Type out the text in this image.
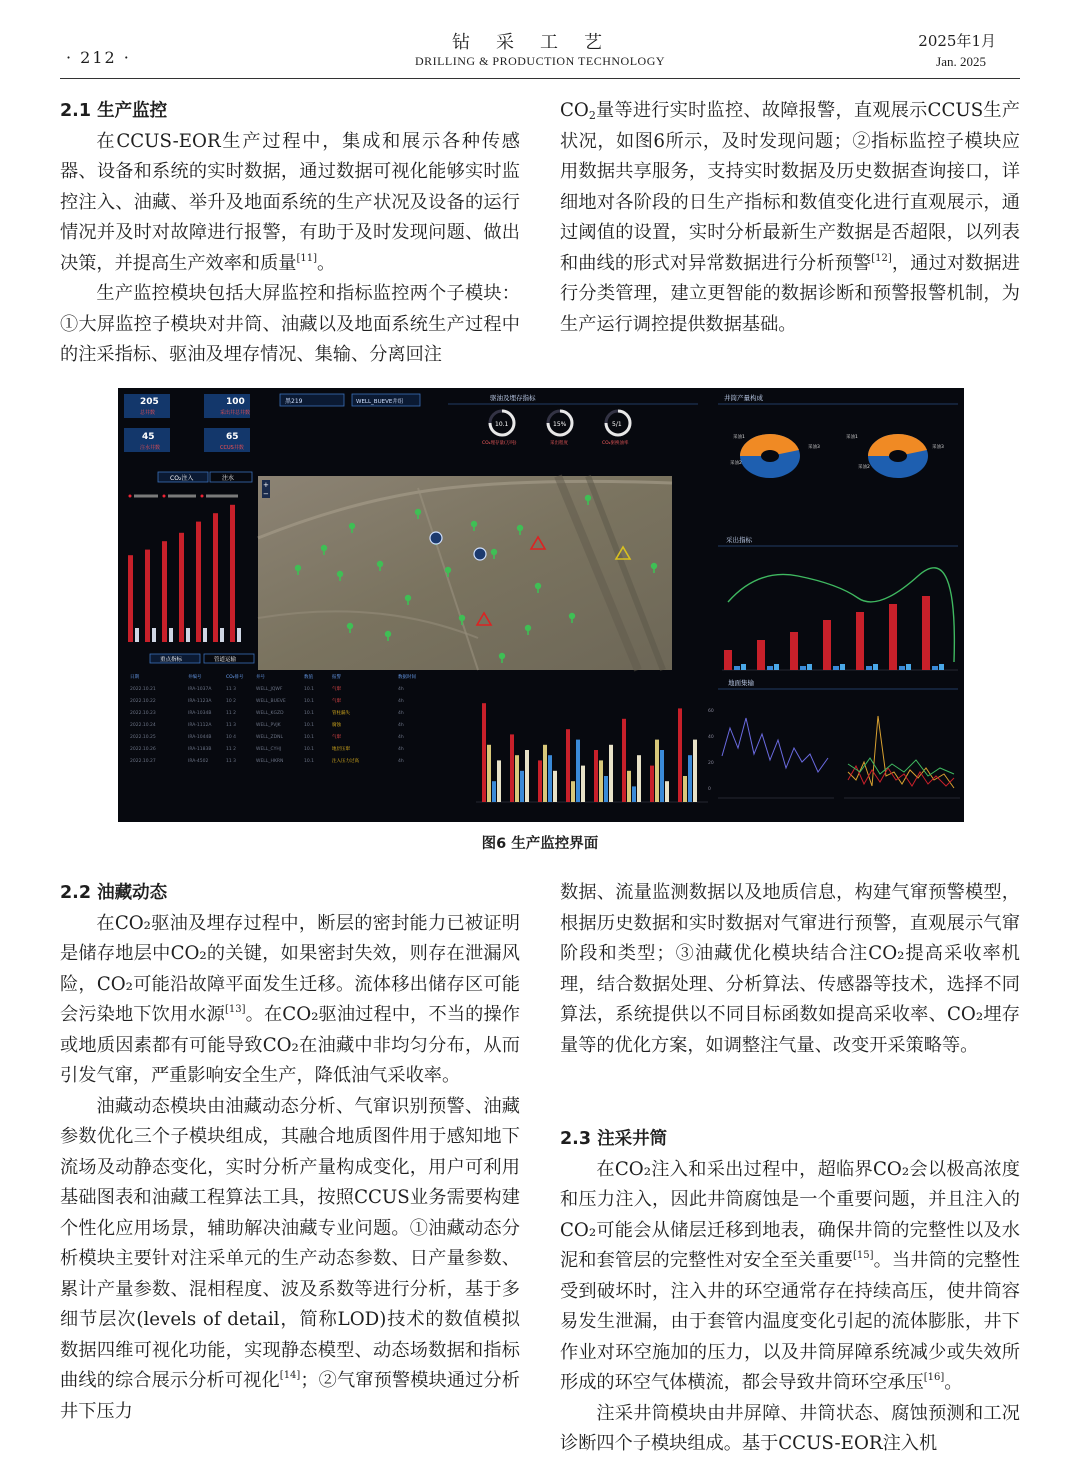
· 212 ·
钻采工艺
DRILLING & PRODUCTION TECHNOLOGY
2025年1月
Jan. 2025
2.1 生产监控

在CCUS-EOR生产过程中，集成和展示各种传感器、设备和系统的实时数据，通过数据可视化能够实时监控注入、油藏、举升及地面系统的生产状况及设备的运行情况并及时对故障进行报警，有助于及时发现问题、做出决策，并提高生产效率和质量[11]。

生产监控模块包括大屏监控和指标监控两个子模块：①大屏监控子模块对井筒、油藏以及地面系统生产过程中的注采指标、驱油及埋存情况、集输、分离回注

$CO_2$量等进行实时监控、故障报警，直观展示CCUS生产状况，如图6所示，及时发现问题；②指标监控子模块应用数据共享服务，支持实时数据及历史数据查询接口，详细地对各阶段的日生产指标和数值变化进行直观展示，通过阈值的设置，实时分析最新生产数据是否超限，以列表和曲线的形式对异常数据进行分析预警[12]，通过对数据进行分类管理，建立更智能的数据诊断和预警报警机制，为生产运行调控提供数据基础。

205
总井数
100
采出井总井数
45
注水井数
65
CCUS井数
黑219	WELL_BUEVE井组	驱油及埋存指标
10.1
CO₂埋存量(万吨)
15%
采出程度
5/1
CO₂驱换油率
CO₂注入	注水
重点指标	管道运输
+
−
日期	井编号	CO₂排号	井号	数值	报警	数据时间
2022.10.21	IRA-1037A	11 3	WELL_JQWF	10.1	气窜	4h
2022.10.22	IRA-1123A	10 2	WELL_BUEVE	10.1	气窜	4h
2022.10.23	IRA-1034B	11 2	WELL_KGZD	10.1	管柱漏失	4h
2022.10.24	IRA-1112A	11 3	WELL_PVJK	10.1	腐蚀	4h
2022.10.25	IRA-1044B	10 4	WELL_ZDNL	10.1	气窜	4h
2022.10.26	IRA-1183B	11 2	WELL_CYHJ	10.1	地层压窜	4h
2022.10.27	IRA-4502	11 3	WELL_HKRN	10.1	注入压力过高	4h
井筒产量构成
采油1
采油2
采油3
采油1
采油2
采油3
采出指标
地面集输
60
40
20
0
图6 生产监控界面
2.2 油藏动态

在CO₂驱油及埋存过程中，断层的密封能力已被证明是储存地层中CO₂的关键，如果密封失效，则存在泄漏风险，CO₂可能沿故障平面发生迁移。流体移出储存区可能会污染地下饮用水源[13]。在CO₂驱油过程中，不当的操作或地质因素都有可能导致CO₂在油藏中非均匀分布，从而引发气窜，严重影响安全生产，降低油气采收率。

油藏动态模块由油藏动态分析、气窜识别预警、油藏参数优化三个子模块组成，其融合地质图件用于感知地下流场及动静态变化，实时分析产量构成变化，用户可利用基础图表和油藏工程算法工具，按照CCUS业务需要构建个性化应用场景，辅助解决油藏专业问题。①油藏动态分析模块主要针对注采单元的生产动态参数、日产量参数、累计产量参数、混相程度、波及系数等进行分析，基于多细节层次(levels of detail，简称LOD)技术的数值模拟数据四维可视化功能，实现静态模型、动态场数据和指标曲线的综合展示分析可视化[14]；②气窜预警模块通过分析井下压力

2.3 注采井筒

在CO₂注入和采出过程中，超临界CO₂会以极高浓度和压力注入，因此井筒腐蚀是一个重要问题，并且注入的CO₂可能会从储层迁移到地表，确保井筒的完整性以及水泥和套管层的完整性对安全至关重要[15]。当井筒的完整性受到破坏时，注入井的环空通常存在持续高压，使井筒容易发生泄漏，由于套管内温度变化引起的流体膨胀，井下作业对环空施加的压力，以及井筒屏障系统减少或失效所形成的环空气体横流，都会导致井筒环空承压[16]。

注采井筒模块由井屏障、井筒状态、腐蚀预测和工况诊断四个子模块组成。基于CCUS-EOR注入机

数据、流量监测数据以及地质信息，构建气窜预警模型，根据历史数据和实时数据对气窜进行预警，直观展示气窜阶段和类型；③油藏优化模块结合注CO₂提高采收率机理，结合数据处理、分析算法、传感器等技术，选择不同算法，系统提供以不同目标函数如提高采收率、CO₂埋存量等的优化方案，如调整注气量、改变开采策略等。
